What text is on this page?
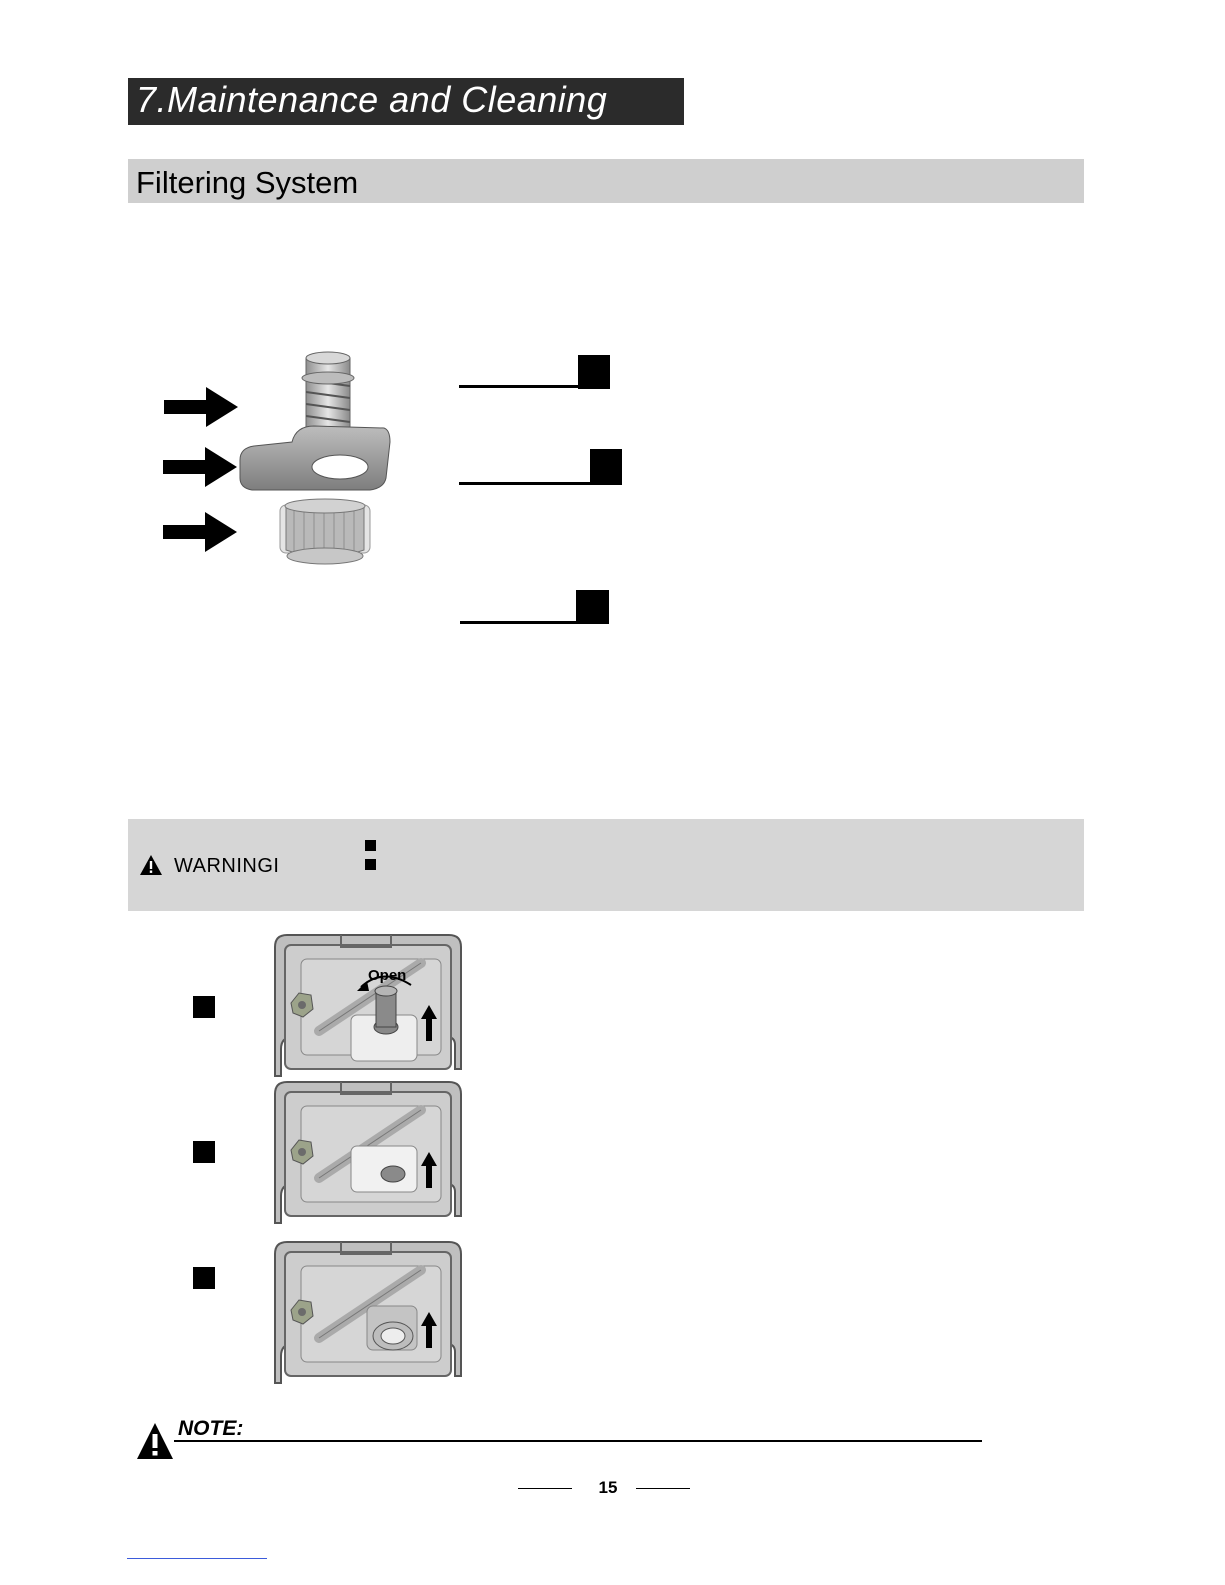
7.Maintenance and Cleaning
Filtering System
WARNINGI
Open
NOTE:
15
